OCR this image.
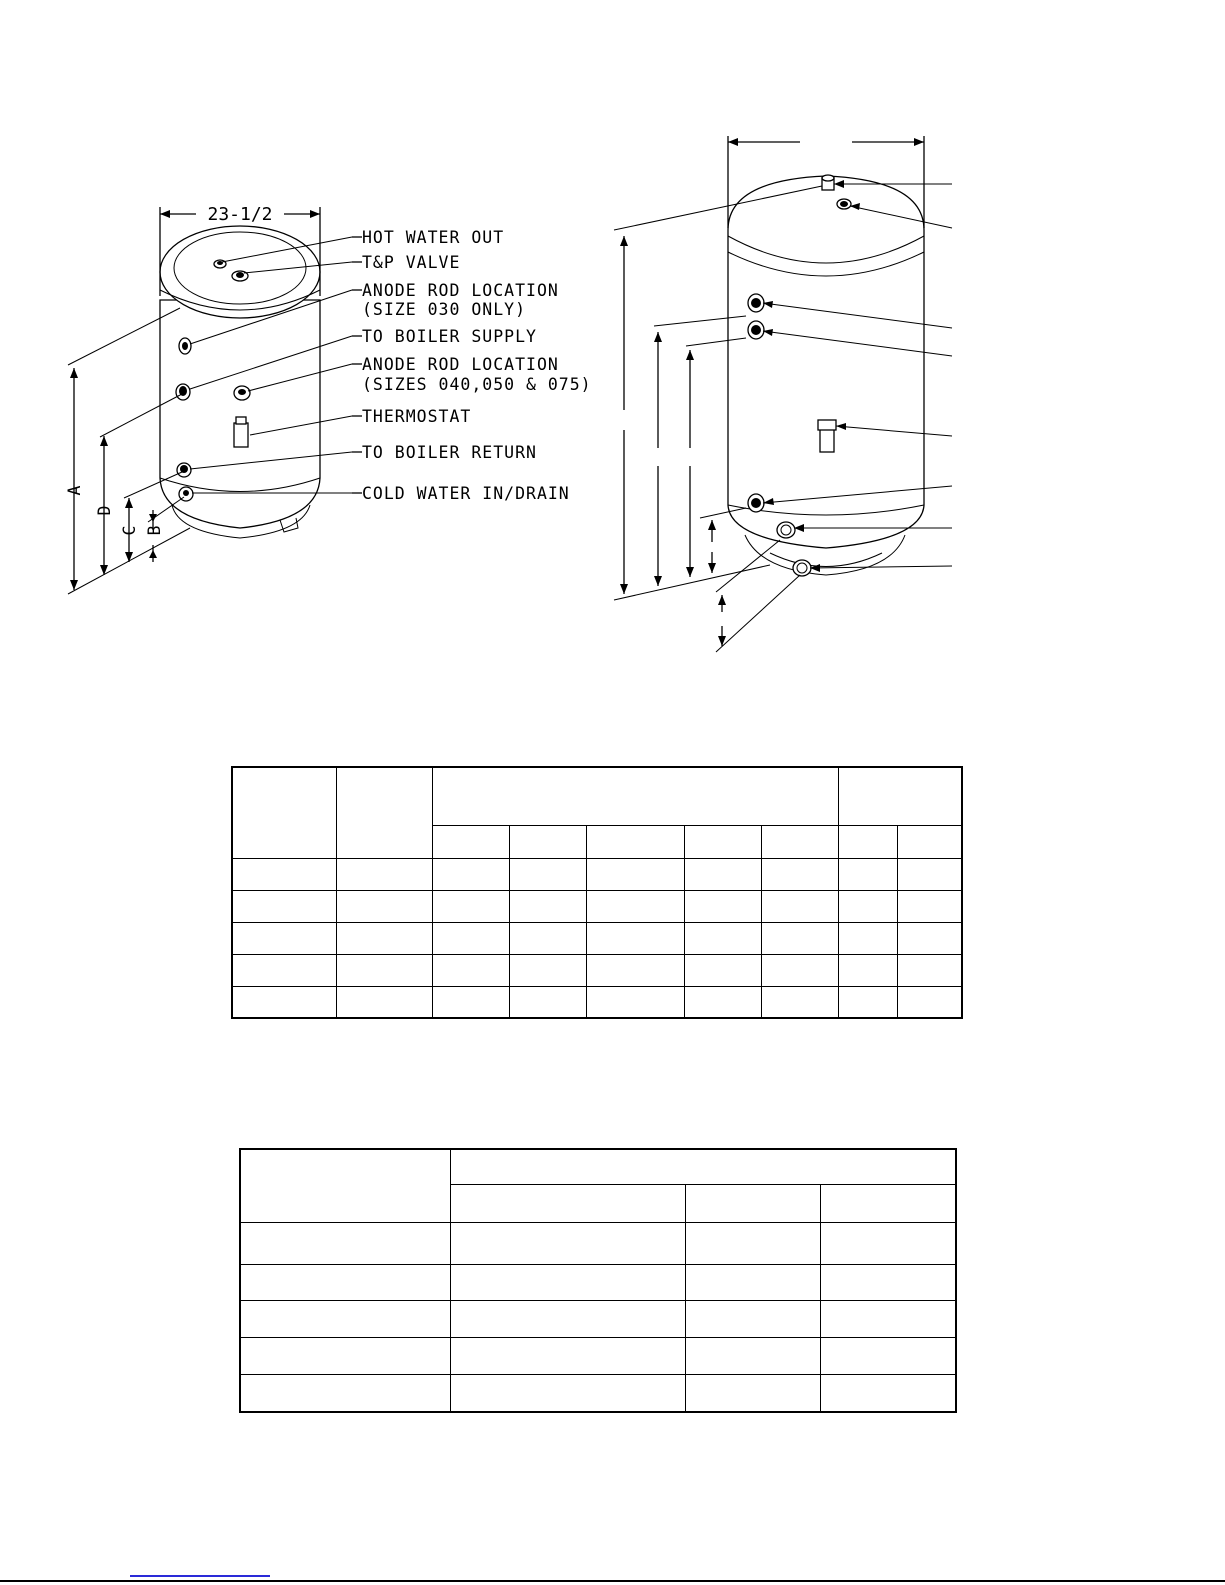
23-1/2
HOT WATER OUT
T&P VALVE
ANODE ROD LOCATION
(SIZE 030 ONLY)
TO BOILER SUPPLY
ANODE ROD LOCATION
(SIZES 040,050 & 075)
THERMOSTAT
TO BOILER RETURN
COLD WATER IN/DRAIN
A
D
C B
